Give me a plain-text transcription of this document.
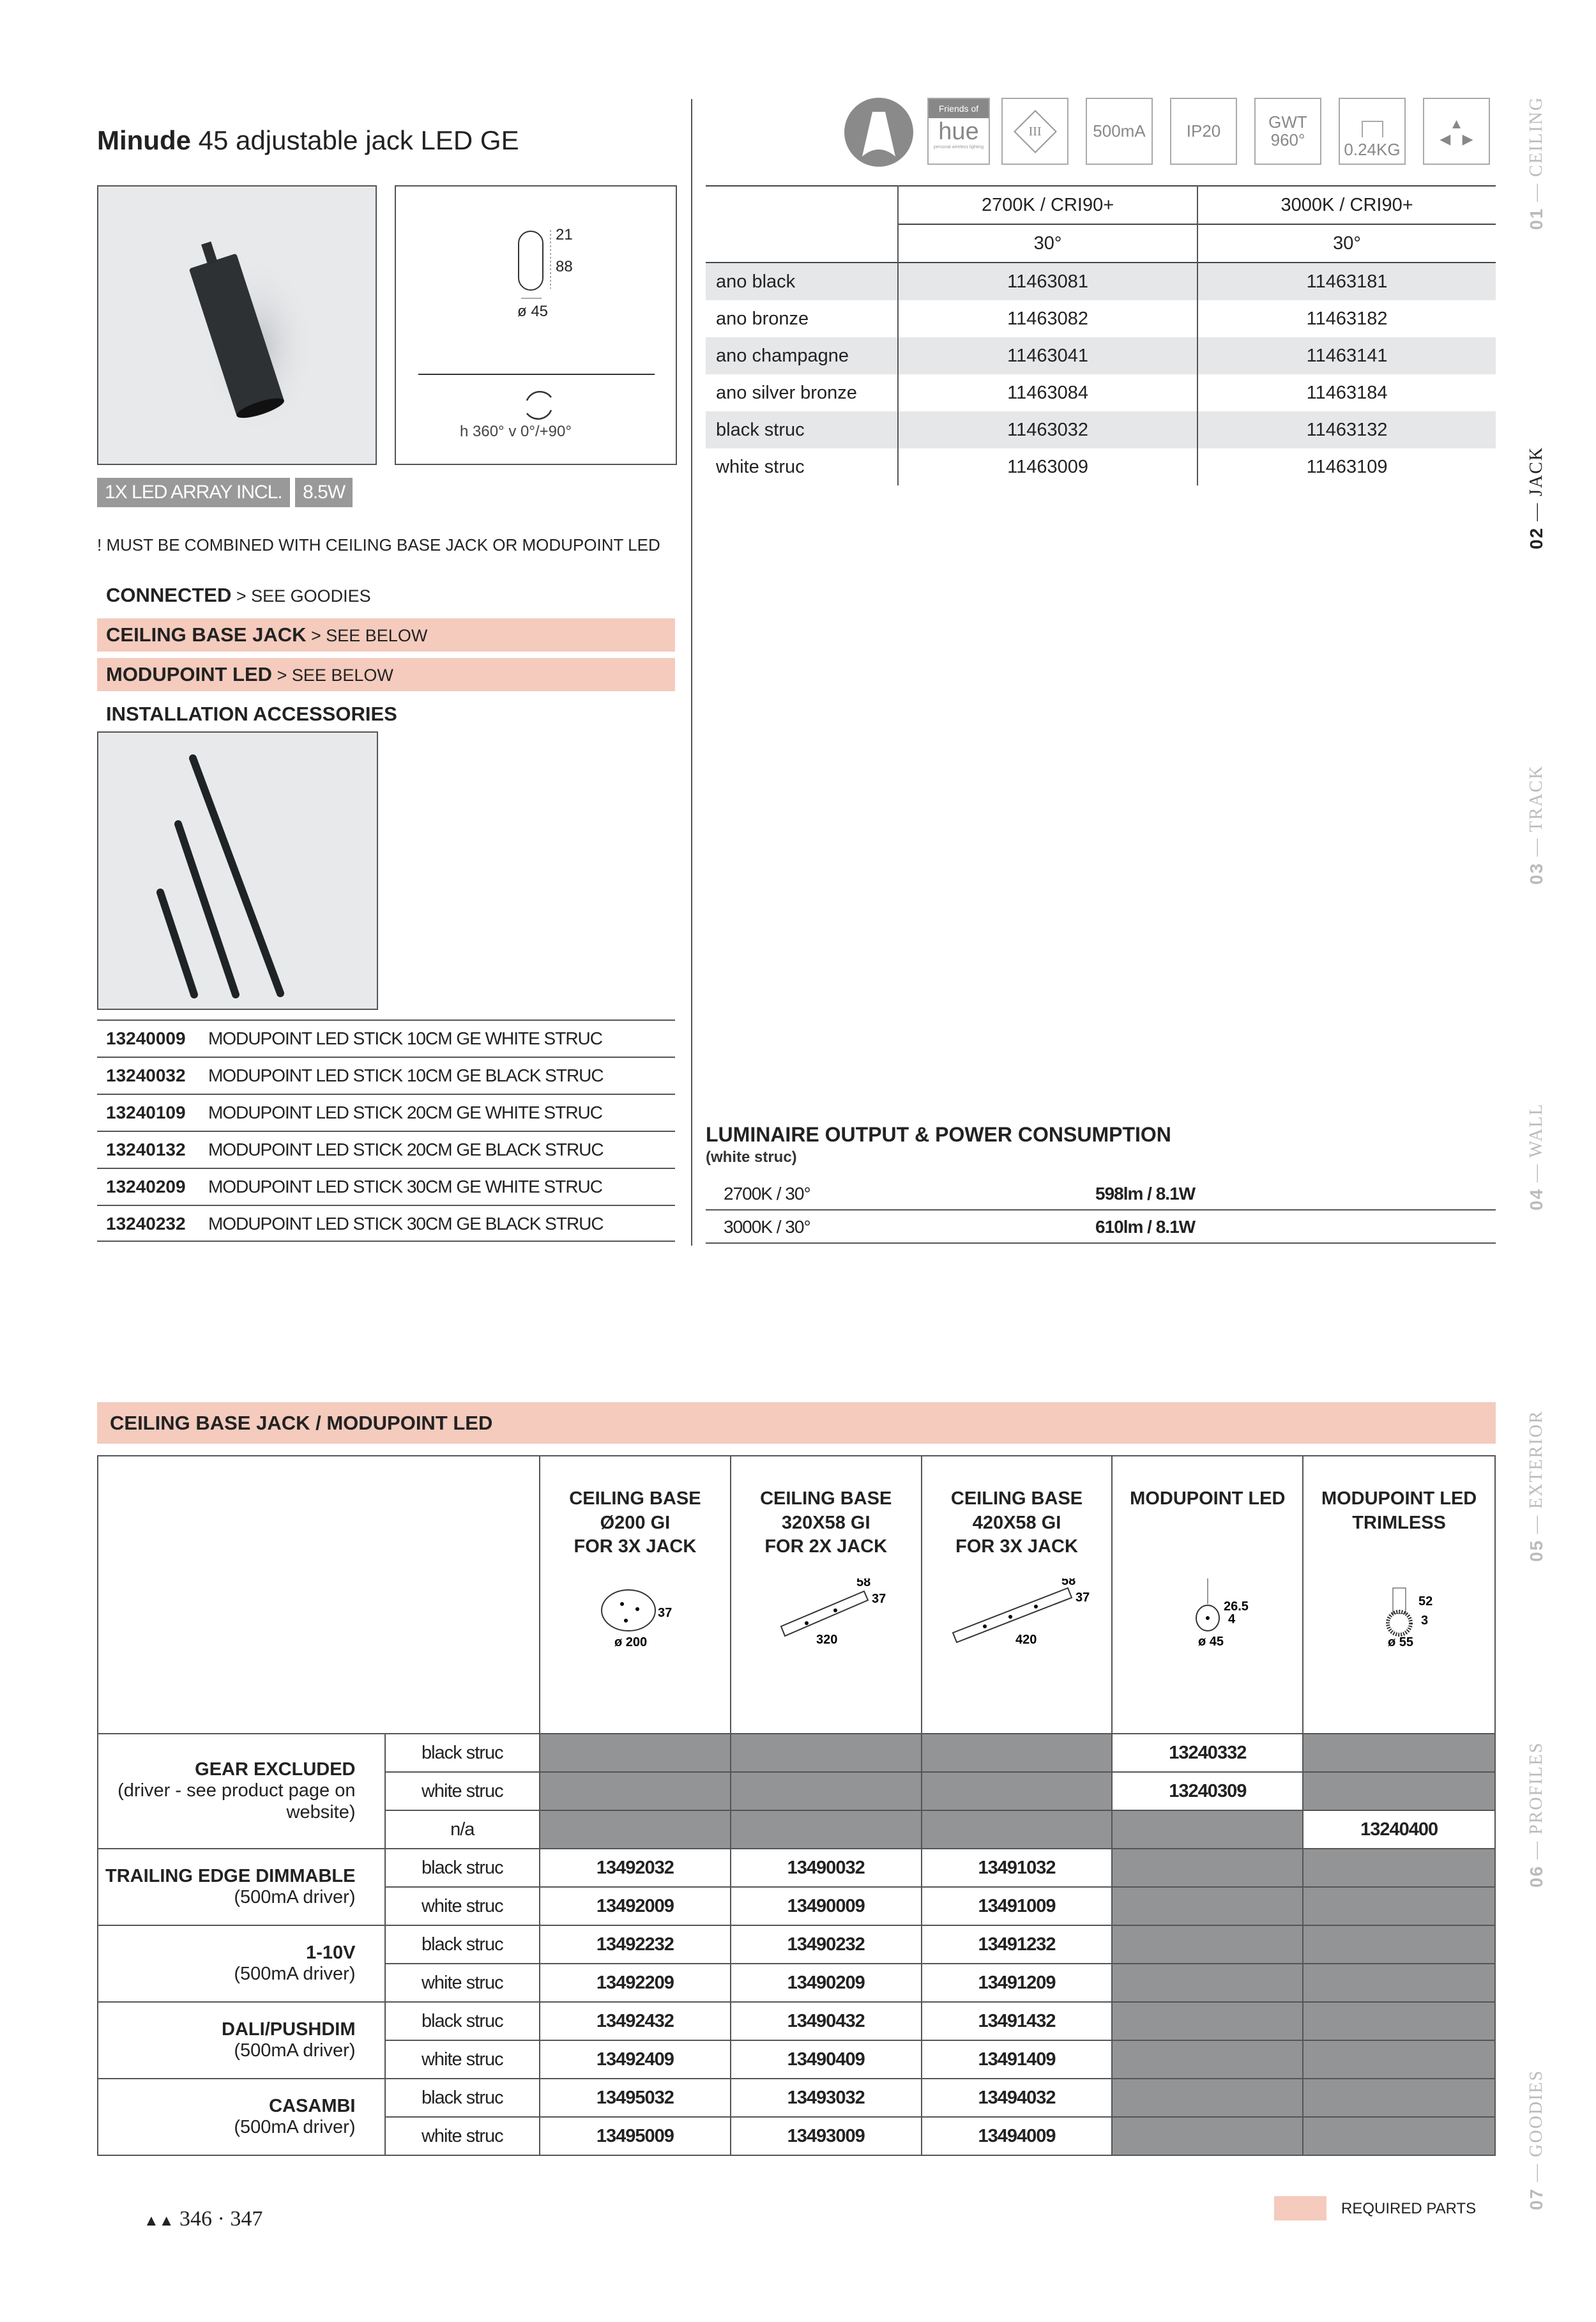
Minude 45 adjustable jack LED GE
21
88
ø 45
h 360° v 0°/+90°
1X LED ARRAY INCL. 8.5W
! MUST BE COMBINED WITH CEILING BASE JACK OR MODUPOINT LED
CONNECTED > SEE GOODIES
CEILING BASE JACK > SEE BELOW
MODUPOINT LED > SEE BELOW
INSTALLATION ACCESSORIES
13240009 MODUPOINT LED STICK 10CM GE WHITE STRUC
13240032 MODUPOINT LED STICK 10CM GE BLACK STRUC
13240109 MODUPOINT LED STICK 20CM GE WHITE STRUC
13240132 MODUPOINT LED STICK 20CM GE BLACK STRUC
13240209 MODUPOINT LED STICK 30CM GE WHITE STRUC
13240232 MODUPOINT LED STICK 30CM GE BLACK STRUC
Friends of
hue
personal wireless lighting
III	500mA IP20	GWT
960°
0.24KG
▲
◀   ▶
	2700K / CRI90+	3000K / CRI90+
	30°	30°
ano black	11463081	11463181
ano bronze	11463082	11463182
ano champagne	11463041	11463141
ano silver bronze	11463084	11463184
black struc	11463032	11463132
white struc	11463009	11463109
LUMINAIRE OUTPUT & POWER CONSUMPTION
(white struc)
2700K / 30°	598lm / 8.1W
3000K / 30°	610lm / 8.1W
CEILING BASE JACK / MODUPOINT LED

CEILING BASE
Ø200 GI
FOR 3X JACK
37
ø 200

CEILING BASE
320X58 GI
FOR 2X JACK
58
37
320

CEILING BASE
420X58 GI
FOR 3X JACK
58
37
420

MODUPOINT LED

26.5
4
ø 45

MODUPOINT LED
TRIMLESS

52
3
ø 55

GEAR EXCLUDED
(driver - see product page on website)	black struc				13240332	
	white struc				13240309	
	n/a					13240400

TRAILING EDGE DIMMABLE
(500mA driver)	black struc	13492032	13490032	13491032		
	white struc	13492009	13490009	13491009		

1-10V
(500mA driver)	black struc	13492232	13490232	13491232		
	white struc	13492209	13490209	13491209		

DALI/PUSHDIM
(500mA driver)	black struc	13492432	13490432	13491432		
	white struc	13492409	13490409	13491409		

CASAMBI
(500mA driver)	black struc	13495032	13493032	13494032		
	white struc	13495009	13493009	13494009		
01 — CEILING
02 — JACK
03 — TRACK
04 — WALL
05 — EXTERIOR
06 — PROFILES
07 — GOODIES
▲▲ 346 · 347	REQUIRED PARTS
